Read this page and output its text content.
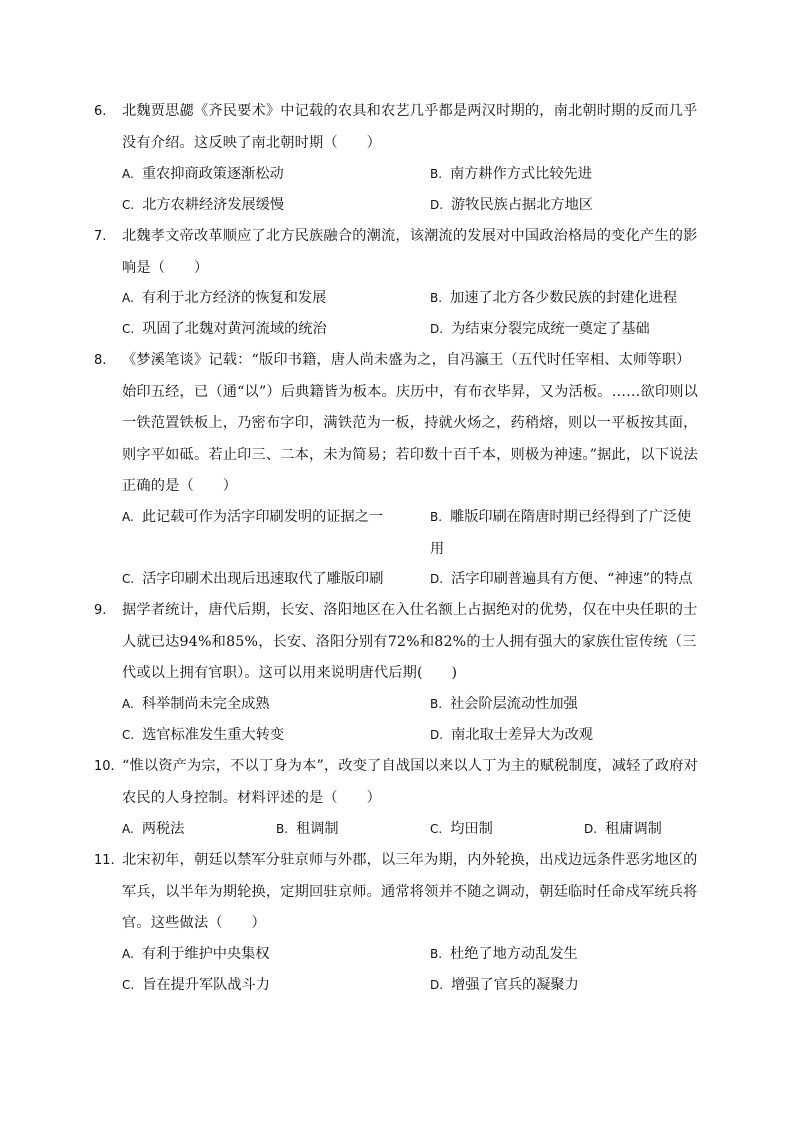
6.	北魏贾思勰《齐民要术》中记载的农具和农艺几乎都是两汉时期的，南北朝时期的反而几乎没有介绍。这反映了南北朝时期（　　）
A. 重农抑商政策逐渐松动	B. 南方耕作方式比较先进
C. 北方农耕经济发展缓慢	D. 游牧民族占据北方地区
7.	北魏孝文帝改革顺应了北方民族融合的潮流，该潮流的发展对中国政治格局的变化产生的影响是（　　）
A. 有利于北方经济的恢复和发展	B. 加速了北方各少数民族的封建化进程
C. 巩固了北魏对黄河流域的统治	D. 为结束分裂完成统一奠定了基础
8.	《梦溪笔谈》记载：“版印书籍，唐人尚未盛为之，自冯瀛王（五代时任宰相、太师等职）始印五经，已（通“以”）后典籍皆为板本。庆历中，有布衣毕昇，又为活板。……欲印则以一铁范置铁板上，乃密布字印，满铁范为一板，持就火炀之，药稍熔，则以一平板按其面，则字平如砥。若止印三、二本，未为简易；若印数十百千本，则极为神速。”据此，以下说法正确的是（　　）
A. 此记载可作为活字印刷发明的证据之一	B. 雕版印刷在隋唐时期已经得到了广泛使用
C. 活字印刷术出现后迅速取代了雕版印刷	D. 活字印刷普遍具有方便、“神速”的特点
9.	据学者统计，唐代后期，长安、洛阳地区在入仕名额上占据绝对的优势，仅在中央任职的士人就已达94%和85%，长安、洛阳分别有72%和82%的士人拥有强大的家族仕宦传统（三代或以上拥有官职）。这可以用来说明唐代后期(　　)
A. 科举制尚未完全成熟	B. 社会阶层流动性加强
C. 选官标准发生重大转变	D. 南北取士差异大为改观
10. “惟以资产为宗，不以丁身为本”，改变了自战国以来以人丁为主的赋税制度，减轻了政府对农民的人身控制。材料评述的是（　　）
A. 两税法	B. 租调制	C. 均田制	D. 租庸调制
11. 北宋初年，朝廷以禁军分驻京师与外郡，以三年为期，内外轮换，出戍边远条件恶劣地区的军兵，以半年为期轮换，定期回驻京师。通常将领并不随之调动，朝廷临时任命戍军统兵将官。这些做法（　　）
A. 有利于维护中央集权	B. 杜绝了地方动乱发生
C. 旨在提升军队战斗力	D. 增强了官兵的凝聚力
